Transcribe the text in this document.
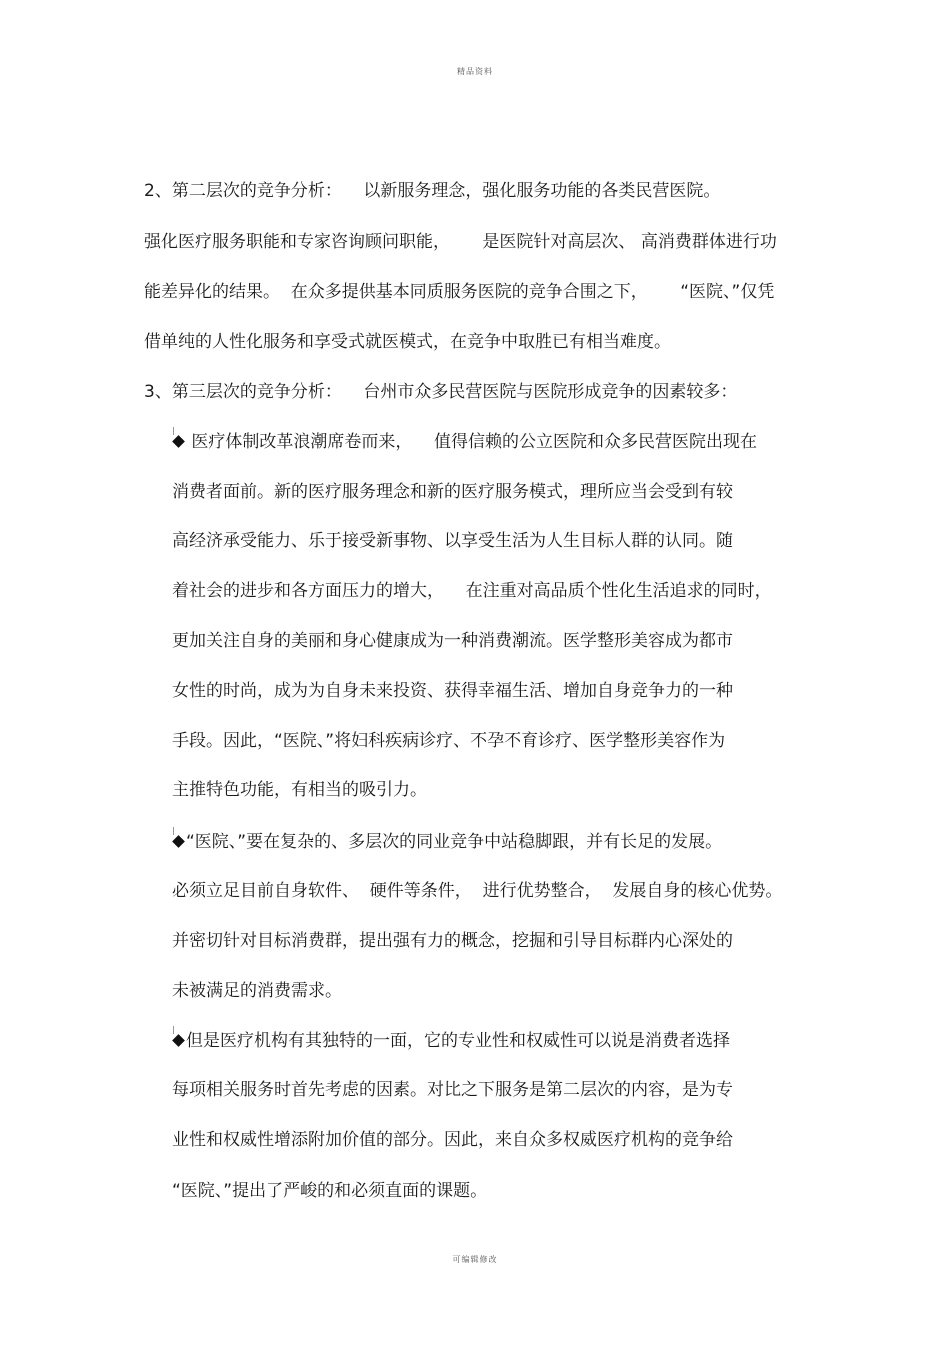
精品资料
2、第二层次的竞争分析：    以新服务理念，强化服务功能的各类民营医院。
强化医疗服务职能和专家咨询顾问职能，      是医院针对高层次、 高消费群体进行功
能差异化的结果。  在众多提供基本同质服务医院的竞争合围之下，      “医院、”仅凭
借单纯的人性化服务和享受式就医模式，在竞争中取胜已有相当难度。
3、第三层次的竞争分析：    台州市众多民营医院与医院形成竞争的因素较多：
医疗体制改革浪潮席卷而来，    值得信赖的公立医院和众多民营医院出现在
消费者面前。新的医疗服务理念和新的医疗服务模式，理所应当会受到有较
高经济承受能力、乐于接受新事物、以享受生活为人生目标人群的认同。随
着社会的进步和各方面压力的增大，    在注重对高品质个性化生活追求的同时，
更加关注自身的美丽和身心健康成为一种消费潮流。医学整形美容成为都市
女性的时尚，成为为自身未来投资、获得幸福生活、增加自身竞争力的一种
手段。因此，“医院、”将妇科疾病诊疗、不孕不育诊疗、医学整形美容作为
主推特色功能，有相当的吸引力。
“医院、”要在复杂的、多层次的同业竞争中站稳脚跟，并有长足的发展。
必须立足目前自身软件、  硬件等条件，  进行优势整合，  发展自身的核心优势。
并密切针对目标消费群，提出强有力的概念，挖掘和引导目标群内心深处的
未被满足的消费需求。
但是医疗机构有其独特的一面，它的专业性和权威性可以说是消费者选择
每项相关服务时首先考虑的因素。对比之下服务是第二层次的内容，是为专
业性和权威性增添附加价值的部分。因此，来自众多权威医疗机构的竞争给
“医院、”提出了严峻的和必须直面的课题。
可编辑修改
